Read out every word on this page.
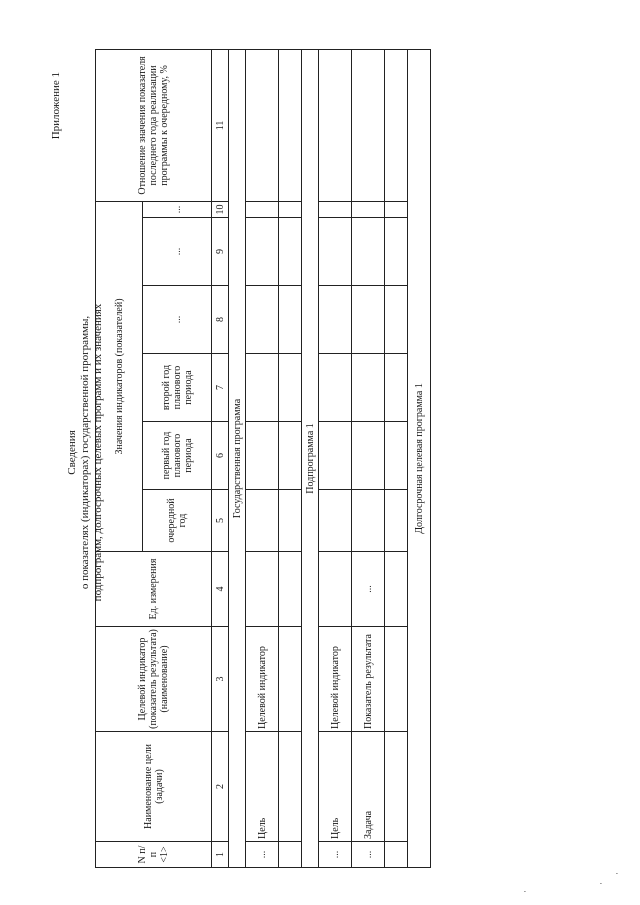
Приложение 1
Сведения о показателях (индикаторах) государственной программы, подпрограмм, долгосрочных целевых программ и их значениях
N п/п <1>	Наименование цели (задачи)	Целевой индикатор (показатель результата) (наименование)	Ед. измерения	Значения индикаторов (показателей)						Отношение значения показателя последнего года реализации программы к очередному, %
				очередной год	первый год планового периода	второй год планового периода	...	...	...	
1	2	3	4	5	6	7	8	9	10	11
Государственная программа										
...	Цель	Целевой индикатор								

Подпрограмма 1										
...	Цель	Целевой индикатор								
...	Задача	Показатель результата	...							

Долгосрочная целевая программа 1										
·
·
·
